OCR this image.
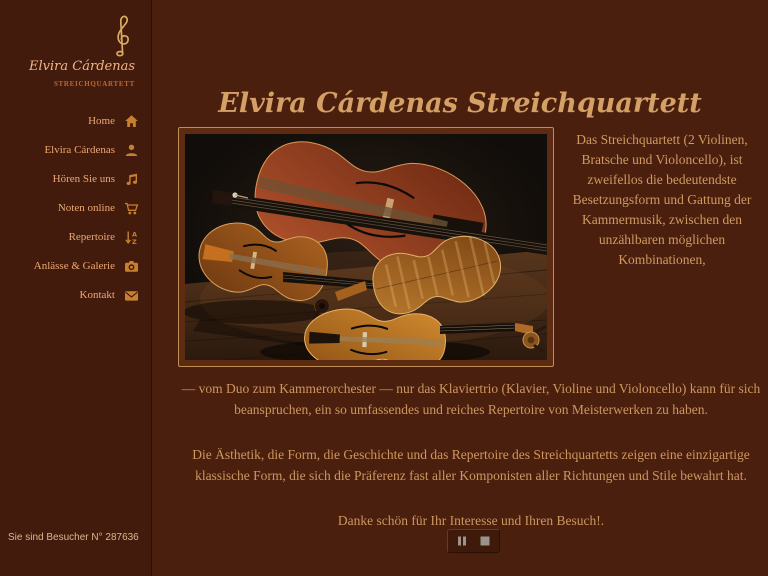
Elvira Cárdenas
STREICHQUARTETT
Home
Elvira Cárdenas
Hören Sie uns
Noten online
Repertoire	A
Z
Anlässe & Galerie
Kontakt
Elvira Cárdenas Streichquartett
Das Streichquartett (2 Violinen, Bratsche und Violoncello), ist zweifellos die bedeutendste Besetzungsform und Gattung der Kammermusik, zwischen den unzählbaren möglichen Kombinationen,

— vom Duo zum Kammerorchester — nur das Klaviertrio (Klavier, Violine und Violoncello) kann für sich beanspruchen, ein so umfassendes und reiches Repertoire von Meisterwerken zu haben.

Die Ästhetik, die Form, die Geschichte und das Repertoire des Streichquartetts zeigen eine einzigartige klassische Form, die sich die Präferenz fast aller Komponisten aller Richtungen und Stile bewahrt hat.

Danke schön für Ihr Interesse und Ihren Besuch!.

Sie sind Besucher N° 287636
